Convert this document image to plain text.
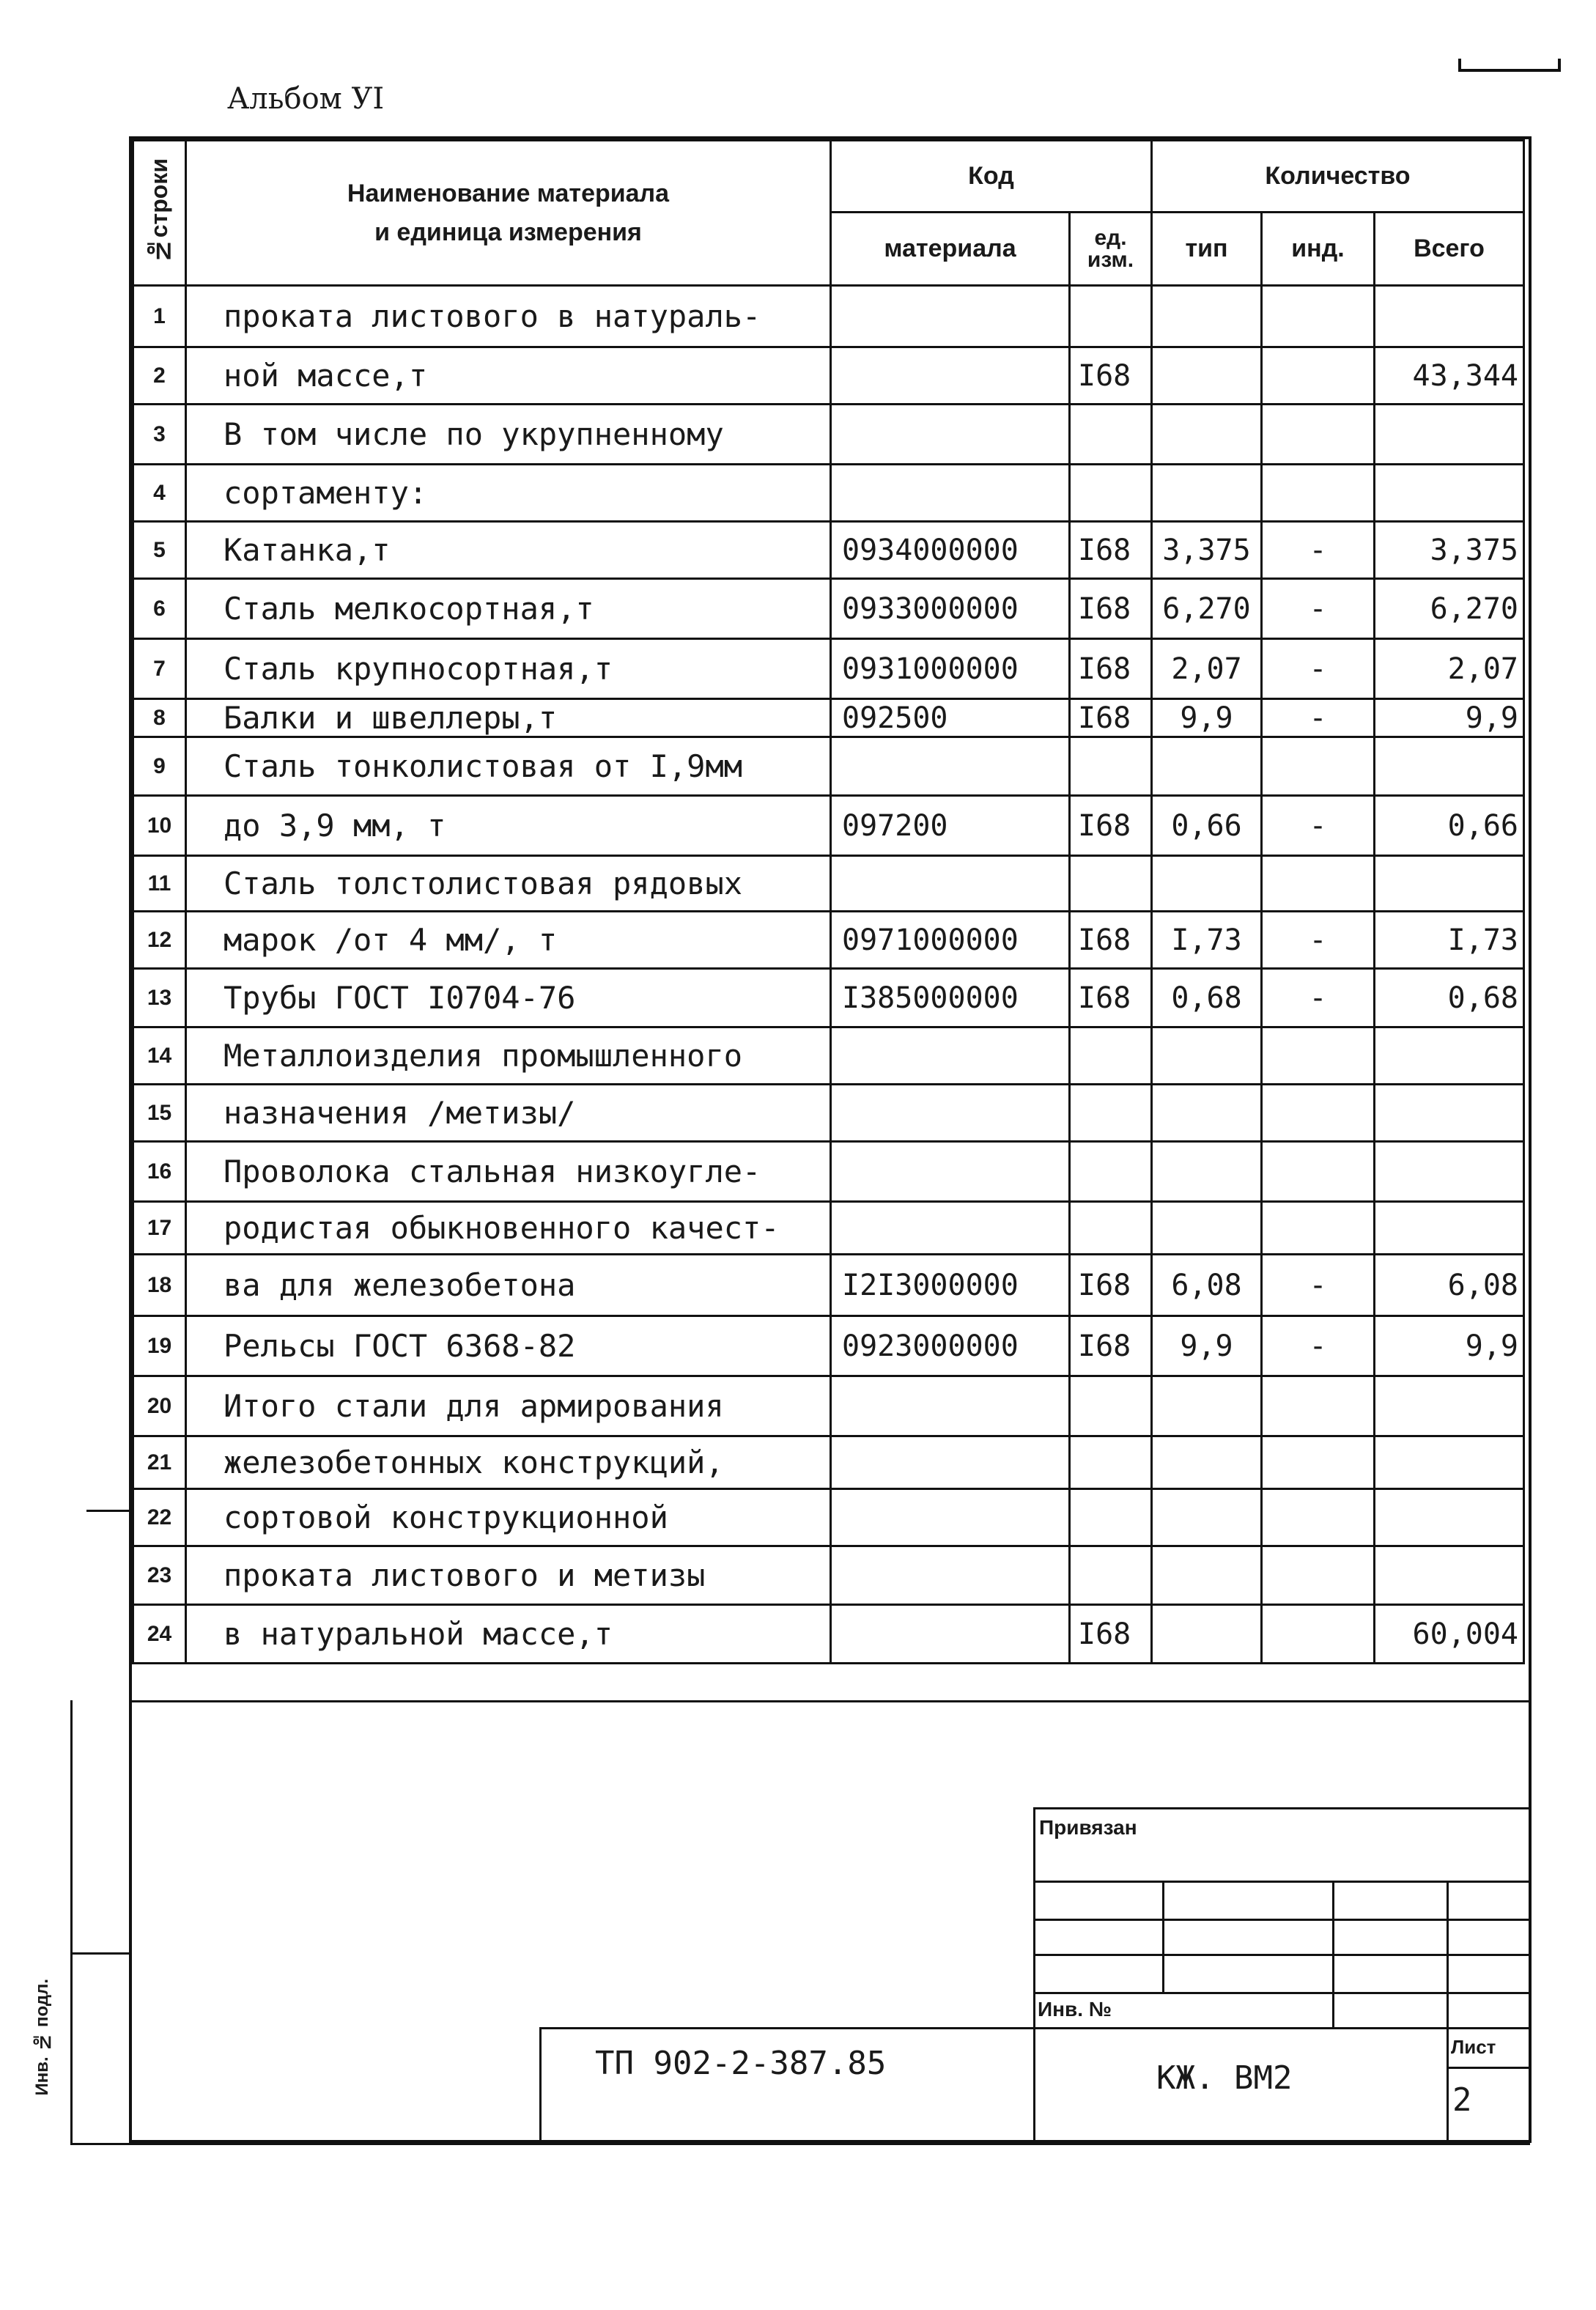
Альбом УI
№строки	Наименование материала
и единица измерения	Код		Количество		
		материала	ед. изм.	тип	инд.	Всего
1	проката листового в натураль-					
2	ной массе,т		I68			43,344
3	В том числе по укрупненному					
4	сортаменту:					
5	Катанка,т	0934000000	I68	3,375	-	3,375
6	Сталь мелкосортная,т	0933000000	I68	6,270	-	6,270
7	Сталь крупносортная,т	0931000000	I68	2,07	-	2,07
8	Балки и швеллеры,т	092500	I68	9,9	-	9,9
9	Сталь тонколистовая от I,9мм					
10	до 3,9 мм, т	097200	I68	0,66	-	0,66
11	Сталь толстолистовая рядовых					
12	марок /от 4 мм/, т	0971000000	I68	I,73	-	I,73
13	Трубы ГОСТ I0704-76	I385000000	I68	0,68	-	0,68
14	Металлоизделия промышленного					
15	назначения /метизы/					
16	Проволока стальная низкоугле-					
17	родистая обыкновенного качест-					
18	ва для железобетона	I2I3000000	I68	6,08	-	6,08
19	Рельсы ГОСТ 6368-82	0923000000	I68	9,9	-	9,9
20	Итого стали для армирования					
21	железобетонных конструкций,					
22	сортовой конструкционной					
23	проката листового и метизы					
24	в натуральной массе,т		I68			60,004
Привязан
Инв. №
Лист
2
ТП 902-2-387.85	КЖ. ВМ2
Инв. № подл.
